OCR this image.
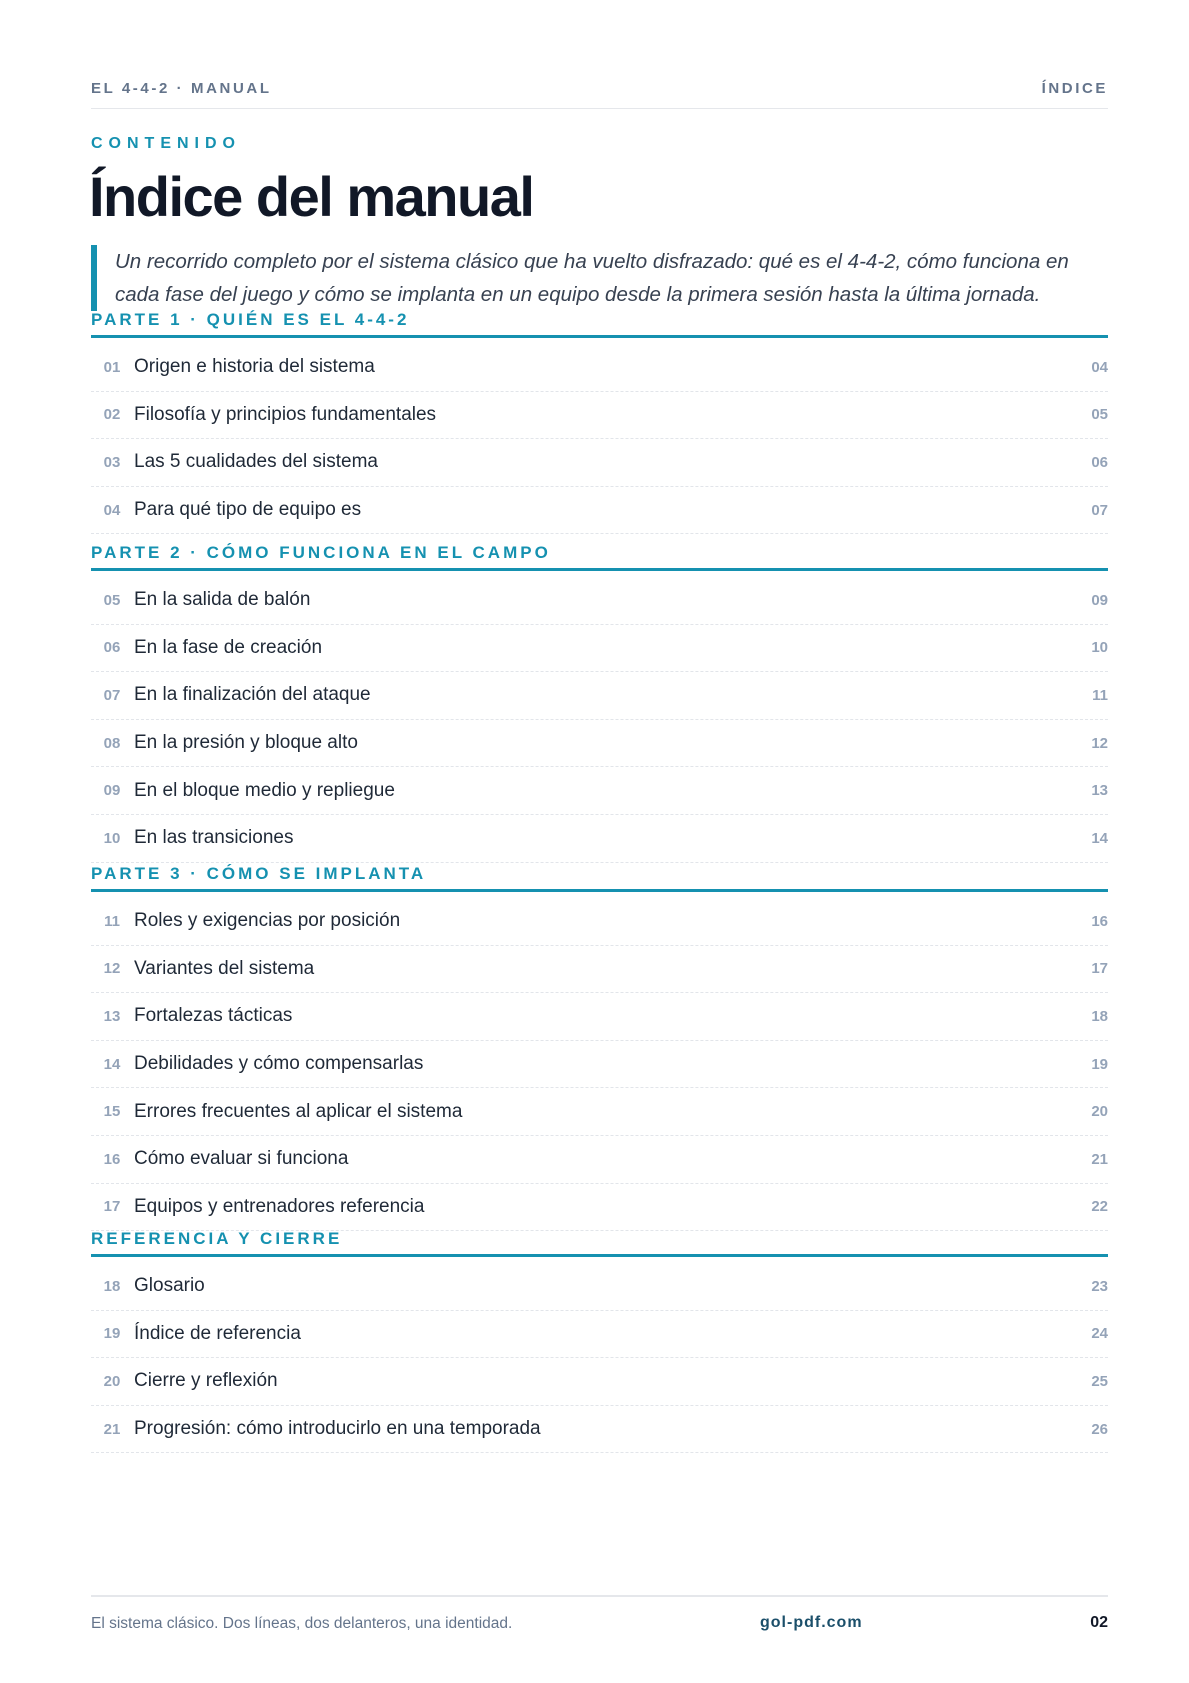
EL 4-4-2 · MANUAL	ÍNDICE
CONTENIDO
Índice del manual
Un recorrido completo por el sistema clásico que ha vuelto disfrazado: qué es el 4-4-2, cómo funciona en cada fase del juego y cómo se implanta en un equipo desde la primera sesión hasta la última jornada.
PARTE 1 · QUIÉN ES EL 4-4-2
01 Origen e historia del sistema	04
02 Filosofía y principios fundamentales	05
03 Las 5 cualidades del sistema	06
04 Para qué tipo de equipo es	07
PARTE 2 · CÓMO FUNCIONA EN EL CAMPO
05 En la salida de balón	09
06 En la fase de creación	10
07 En la finalización del ataque	11
08 En la presión y bloque alto	12
09 En el bloque medio y repliegue	13
10 En las transiciones	14
PARTE 3 · CÓMO SE IMPLANTA
11 Roles y exigencias por posición	16
12 Variantes del sistema	17
13 Fortalezas tácticas	18
14 Debilidades y cómo compensarlas	19
15 Errores frecuentes al aplicar el sistema	20
16 Cómo evaluar si funciona	21
17 Equipos y entrenadores referencia	22
REFERENCIA Y CIERRE
18 Glosario	23
19 Índice de referencia	24
20 Cierre y reflexión	25
21 Progresión: cómo introducirlo en una temporada	26
El sistema clásico. Dos líneas, dos delanteros, una identidad.	gol-pdf.com	02
